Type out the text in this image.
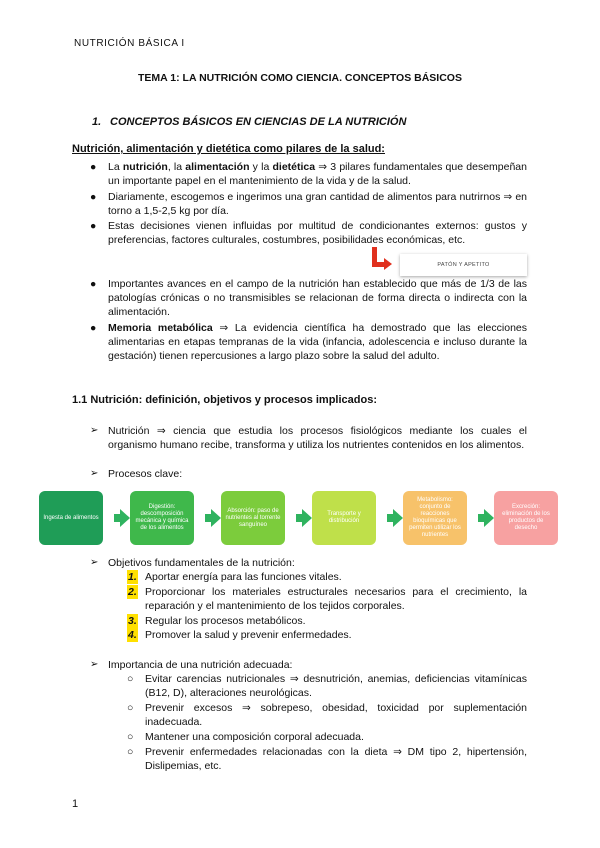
NUTRICIÓN BÁSICA I
TEMA 1: LA NUTRICIÓN COMO CIENCIA. CONCEPTOS BÁSICOS
1. CONCEPTOS BÁSICOS EN CIENCIAS DE LA NUTRICIÓN
Nutrición, alimentación y dietética como pilares de la salud:
● La nutrición, la alimentación y la dietética ⇒ 3 pilares fundamentales que desempeñan un importante papel en el mantenimiento de la vida y de la salud.
● Diariamente, escogemos e ingerimos una gran cantidad de alimentos para nutrirnos ⇒ en torno a 1,5-2,5 kg por día.
● Estas decisiones vienen influidas por multitud de condicionantes externos: gustos y preferencias, factores culturales, costumbres, posibilidades económicas, etc.
PATÓN Y APETITO
● Importantes avances en el campo de la nutrición han establecido que más de 1/3 de las patologías crónicas o no transmisibles se relacionan de forma directa o indirecta con la alimentación.
● Memoria metabólica ⇒ La evidencia científica ha demostrado que las elecciones alimentarias en etapas tempranas de la vida (infancia, adolescencia e incluso durante la gestación) tienen repercusiones a largo plazo sobre la salud del adulto.
1.1 Nutrición: definición, objetivos y procesos implicados:
➢ Nutrición ⇒ ciencia que estudia los procesos fisiológicos mediante los cuales el organismo humano recibe, transforma y utiliza los nutrientes contenidos en los alimentos.
➢ Procesos clave:
Ingesta de alimentos
Digestión: descomposición mecánica y química de los alimentos
Absorción: paso de nutrientes al torrente sanguíneo
Transporte y distribución
Metabolismo: conjunto de reacciones bioquímicas que permiten utilizar los nutrientes
Excreción: eliminación de los productos de desecho
➢ Objetivos fundamentales de la nutrición:
1. Aportar energía para las funciones vitales.
2. Proporcionar los materiales estructurales necesarios para el crecimiento, la reparación y el mantenimiento de los tejidos corporales.
3. Regular los procesos metabólicos.
4. Promover la salud y prevenir enfermedades.
➢ Importancia de una nutrición adecuada:
○ Evitar carencias nutricionales ⇒ desnutrición, anemias, deficiencias vitamínicas (B12, D), alteraciones neurológicas.
○ Prevenir excesos ⇒ sobrepeso, obesidad, toxicidad por suplementación inadecuada.
○ Mantener una composición corporal adecuada.
○ Prevenir enfermedades relacionadas con la dieta ⇒ DM tipo 2, hipertensión, Dislipemias, etc.
1
